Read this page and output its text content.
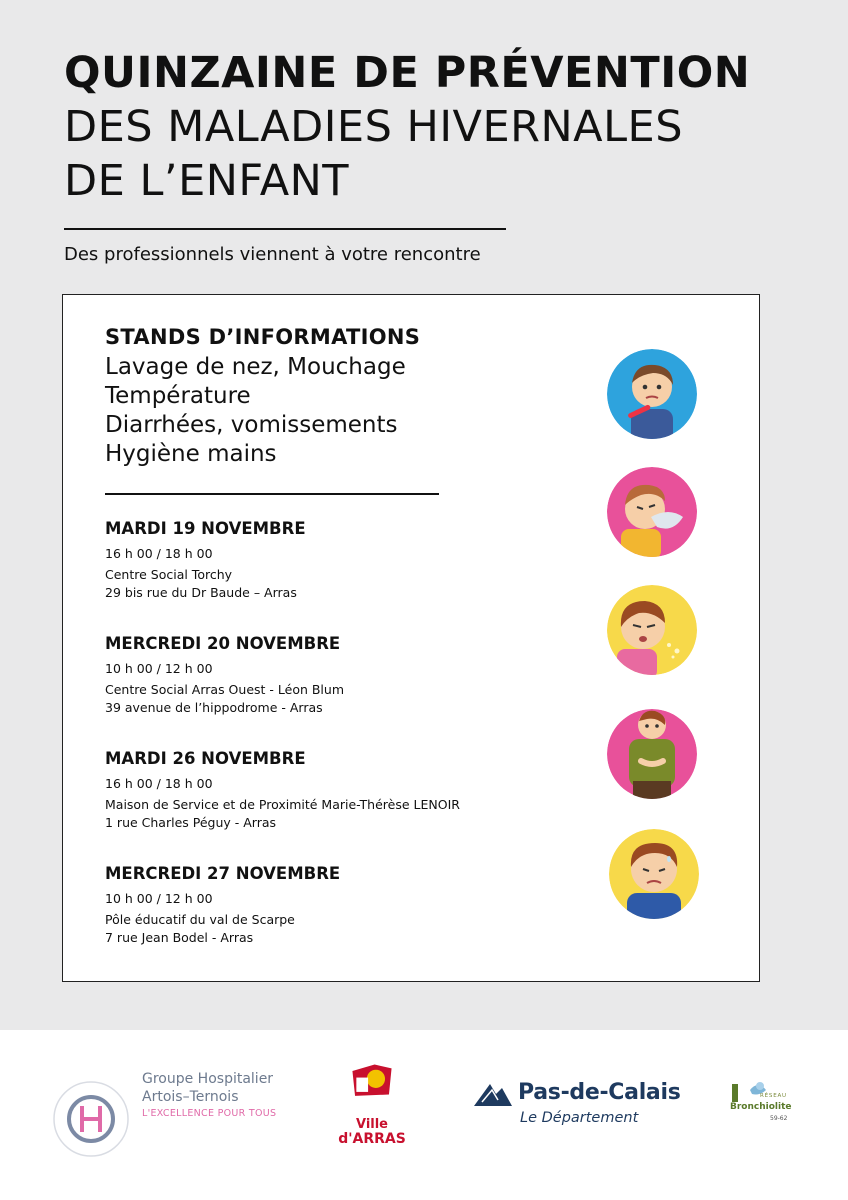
QUINZAINE DE PRÉVENTION
DES MALADIES HIVERNALES
DE L’ENFANT
Des professionnels viennent à votre rencontre
STANDS D’INFORMATIONS
Lavage de nez, Mouchage
Température
Diarrhées, vomissements
Hygiène mains
MARDI 19 NOVEMBRE
16 h 00 / 18 h 00
Centre Social Torchy
29 bis rue du Dr Baude – Arras
MERCREDI 20 NOVEMBRE
10 h 00 / 12 h 00
Centre Social Arras Ouest - Léon Blum
39 avenue de l’hippodrome - Arras
MARDI 26 NOVEMBRE
16 h 00 / 18 h 00
Maison de Service et de Proximité Marie-Thérèse LENOIR
1 rue Charles Péguy - Arras
MERCREDI 27 NOVEMBRE
10 h 00 / 12 h 00
Pôle éducatif du val de Scarpe
7 rue Jean Bodel - Arras
Groupe Hospitalier
Artois–Ternois
L'EXCELLENCE POUR TOUS
Ville
d'ARRAS
Pas-de-Calais
Le Département
RÉSEAU
Bronchiolite
59-62
